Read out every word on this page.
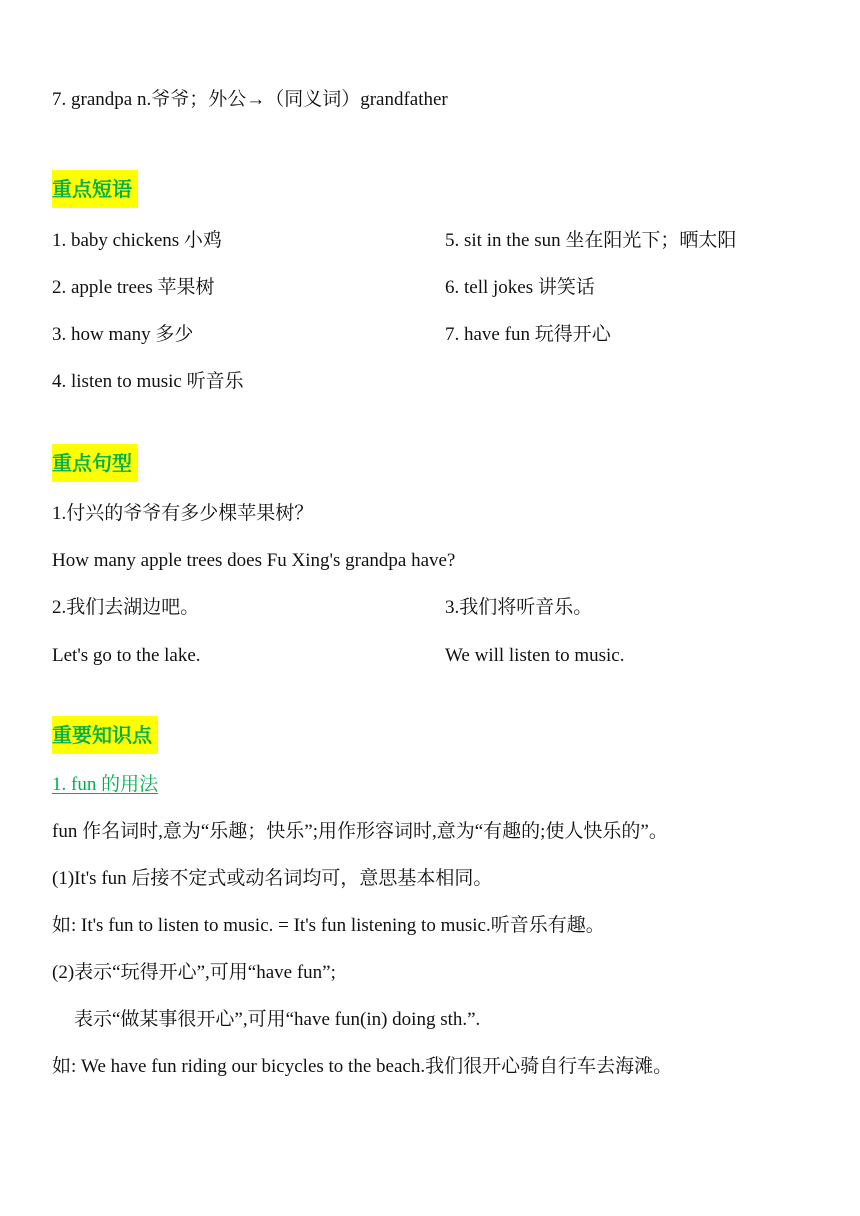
7. grandpa n.爷爷；外公→（同义词）grandfather
重点短语
1. baby chickens 小鸡
2. apple trees 苹果树
3. how many 多少
4. listen to music 听音乐
5. sit in the sun 坐在阳光下；晒太阳
6. tell jokes 讲笑话
7. have fun 玩得开心
重点句型
1.付兴的爷爷有多少棵苹果树？
How many apple trees does Fu Xing's grandpa have?
2.我们去湖边吧。
Let's go to the lake.
3.我们将听音乐。
We will listen to music.
重要知识点
1. fun 的用法
fun 作名词时,意为“乐趣；快乐”;用作形容词时,意为“有趣的;使人快乐的”。
(1)It's fun 后接不定式或动名词均可，意思基本相同。
如: It's fun to listen to music. = It's fun listening to music.听音乐有趣。
(2)表示“玩得开心”,可用“have fun”;
表示“做某事很开心”,可用“have fun(in) doing sth.”.
如: We have fun riding our bicycles to the beach.我们很开心骑自行车去海滩。
